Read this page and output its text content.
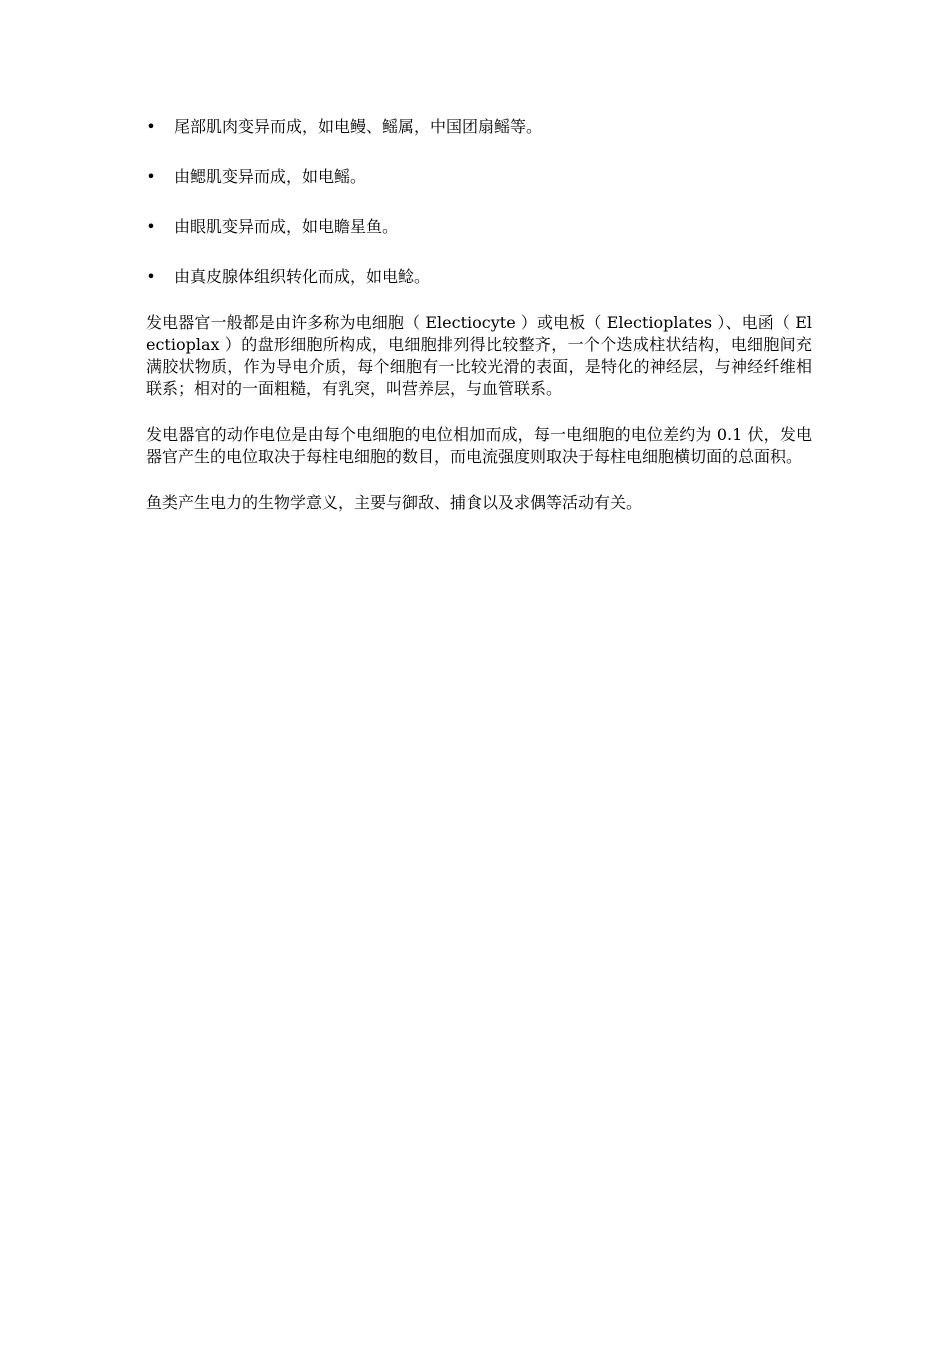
• 尾部肌肉变异而成，如电鳗、鳐属，中国团扇鳐等。
• 由鳃肌变异而成，如电鳐。
• 由眼肌变异而成，如电瞻星鱼。
• 由真皮腺体组织转化而成，如电鲶。

发电器官一般都是由许多称为电细胞（ Electiocyte ）或电板（ Electioplates ）、电函（ Electioplax ）的盘形细胞所构成，电细胞排列得比较整齐，一个个迭成柱状结构，电细胞间充满胶状物质，作为导电介质，每个细胞有一比较光滑的表面，是特化的神经层，与神经纤维相联系；相对的一面粗糙，有乳突，叫营养层，与血管联系。

发电器官的动作电位是由每个电细胞的电位相加而成，每一电细胞的电位差约为 0.1 伏，发电器官产生的电位取决于每柱电细胞的数目，而电流强度则取决于每柱电细胞横切面的总面积。

鱼类产生电力的生物学意义，主要与御敌、捕食以及求偶等活动有关。
